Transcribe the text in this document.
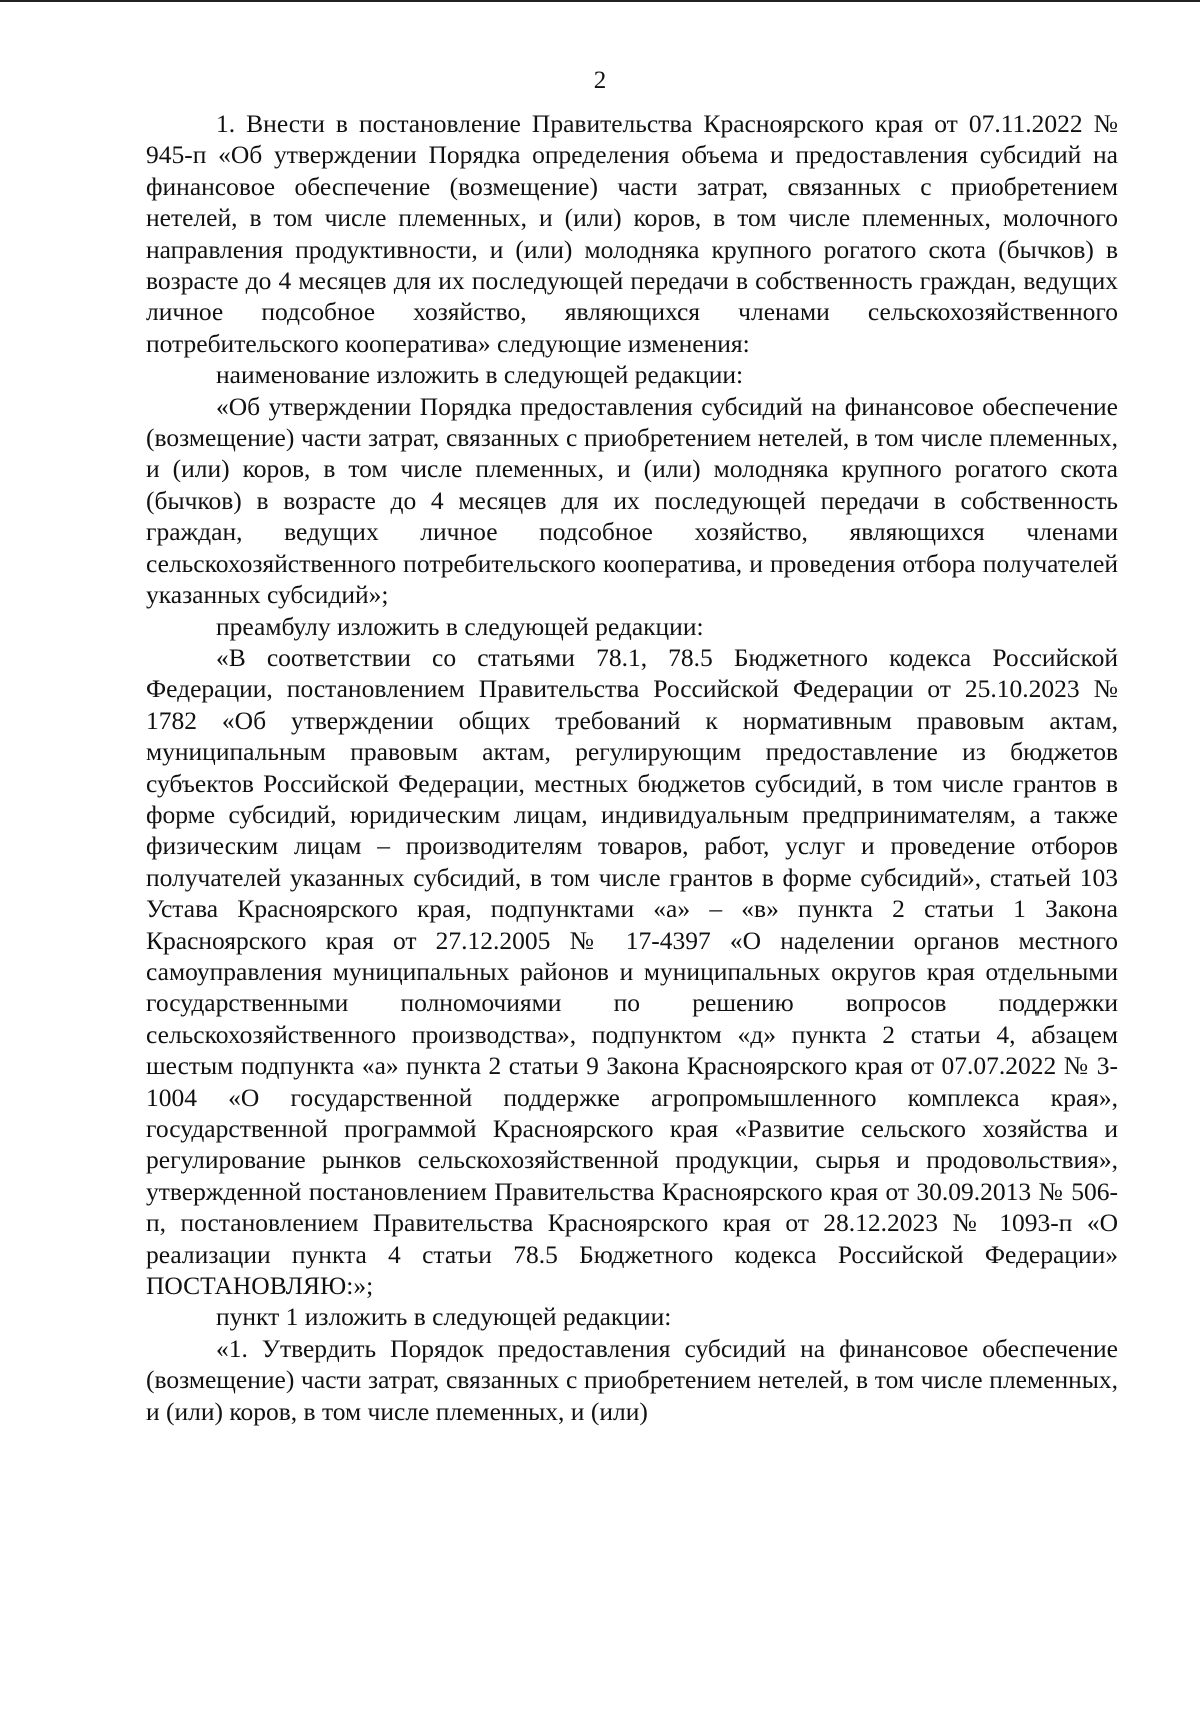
2

1. Внести в постановление Правительства Красноярского края от 07.11.2022 № 945-п «Об утверждении Порядка определения объема и предоставления субсидий на финансовое обеспечение (возмещение) части затрат, связанных с приобретением нетелей, в том числе племенных, и (или) коров, в том числе племенных, молочного направления продуктивности, и (или) молодняка крупного рогатого скота (бычков) в возрасте до 4 месяцев для их последующей передачи в собственность граждан, ведущих личное подсобное хозяйство, являющихся членами сельскохозяйственного потребительского кооператива» следующие изменения:

наименование изложить в следующей редакции:

«Об утверждении Порядка предоставления субсидий на финансовое обеспечение (возмещение) части затрат, связанных с приобретением нетелей, в том числе племенных, и (или) коров, в том числе племенных, и (или) молодняка крупного рогатого скота (бычков) в возрасте до 4 месяцев для их последующей передачи в собственность граждан, ведущих личное подсобное хозяйство, являющихся членами сельскохозяйственного потребительского кооператива, и проведения отбора получателей указанных субсидий»;

преамбулу изложить в следующей редакции:

«В соответствии со статьями 78.1, 78.5 Бюджетного кодекса Российской Федерации, постановлением Правительства Российской Федерации от 25.10.2023 № 1782 «Об утверждении общих требований к нормативным правовым актам, муниципальным правовым актам, регулирующим предоставление из бюджетов субъектов Российской Федерации, местных бюджетов субсидий, в том числе грантов в форме субсидий, юридическим лицам, индивидуальным предпринимателям, а также физическим лицам – производителям товаров, работ, услуг и проведение отборов получателей указанных субсидий, в том числе грантов в форме субсидий», статьей 103 Устава Красноярского края, подпунктами «а» – «в» пункта 2 статьи 1 Закона Красноярского края от 27.12.2005 № 17-4397 «О наделении органов местного самоуправления муниципальных районов и муниципальных округов края отдельными государственными полномочиями по решению вопросов поддержки сельскохозяйственного производства», подпунктом «д» пункта 2 статьи 4, абзацем шестым подпункта «а» пункта 2 статьи 9 Закона Красноярского края от 07.07.2022 № 3-1004 «О государственной поддержке агропромышленного комплекса края», государственной программой Красноярского края «Развитие сельского хозяйства и регулирование рынков сельскохозяйственной продукции, сырья и продовольствия», утвержденной постановлением Правительства Красноярского края от 30.09.2013 № 506-п, постановлением Правительства Красноярского края от 28.12.2023 № 1093-п «О реализации пункта 4 статьи 78.5 Бюджетного кодекса Российской Федерации» ПОСТАНОВЛЯЮ:»;

пункт 1 изложить в следующей редакции:

«1. Утвердить Порядок предоставления субсидий на финансовое обеспечение (возмещение) части затрат, связанных с приобретением нетелей, в том числе племенных, и (или) коров, в том числе племенных, и (или)
